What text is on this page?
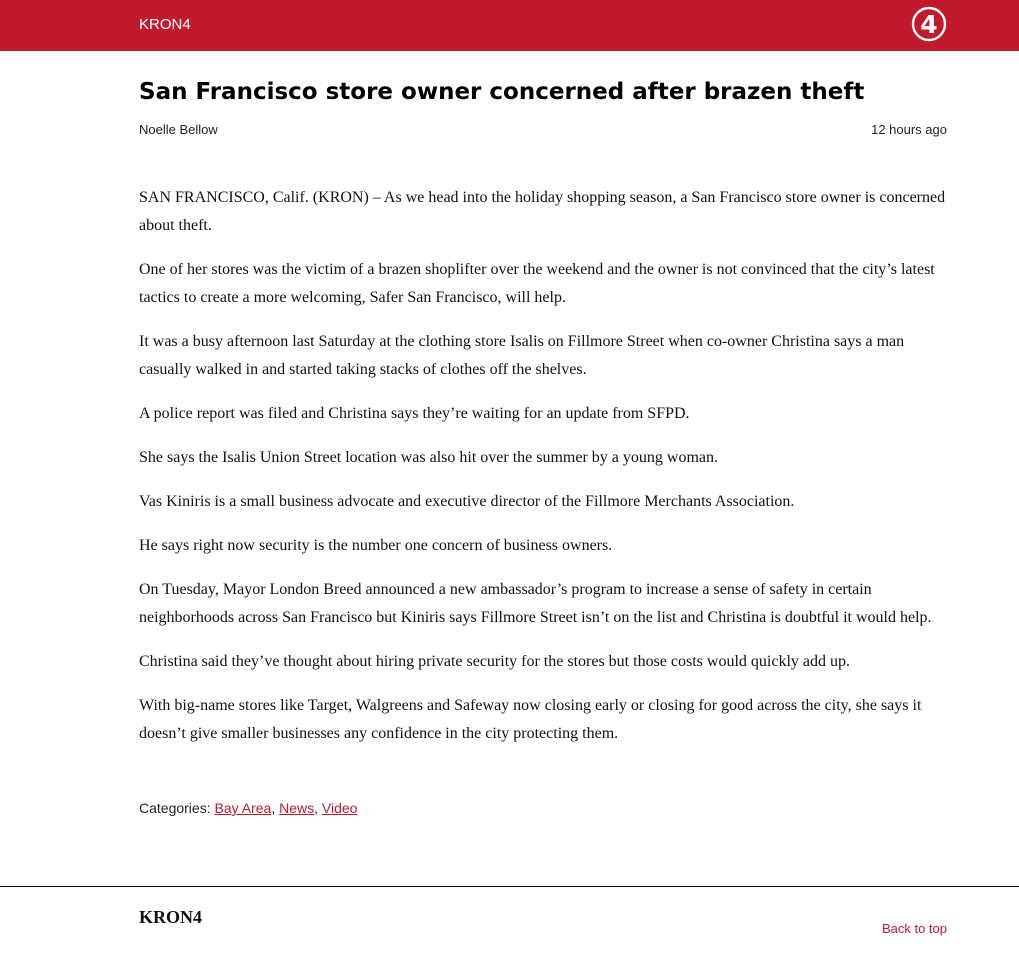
KRON4	4
San Francisco store owner concerned after brazen theft
Noelle Bellow	12 hours ago

SAN FRANCISCO, Calif. (KRON) – As we head into the holiday shopping season, a San Francisco store owner is concerned about theft.

One of her stores was the victim of a brazen shoplifter over the weekend and the owner is not convinced that the city’s latest tactics to create a more welcoming, Safer San Francisco, will help.

It was a busy afternoon last Saturday at the clothing store Isalis on Fillmore Street when co-owner Christina says a man casually walked in and started taking stacks of clothes off the shelves.

A police report was filed and Christina says they’re waiting for an update from SFPD.

She says the Isalis Union Street location was also hit over the summer by a young woman.

Vas Kiniris is a small business advocate and executive director of the Fillmore Merchants Association.

He says right now security is the number one concern of business owners.

On Tuesday, Mayor London Breed announced a new ambassador’s program to increase a sense of safety in certain neighborhoods across San Francisco but Kiniris says Fillmore Street isn’t on the list and Christina is doubtful it would help.

Christina said they’ve thought about hiring private security for the stores but those costs would quickly add up.

With big-name stores like Target, Walgreens and Safeway now closing early or closing for good across the city, she says it doesn’t give smaller businesses any confidence in the city protecting them.

Categories: Bay Area, News, Video
KRON4
Back to top
